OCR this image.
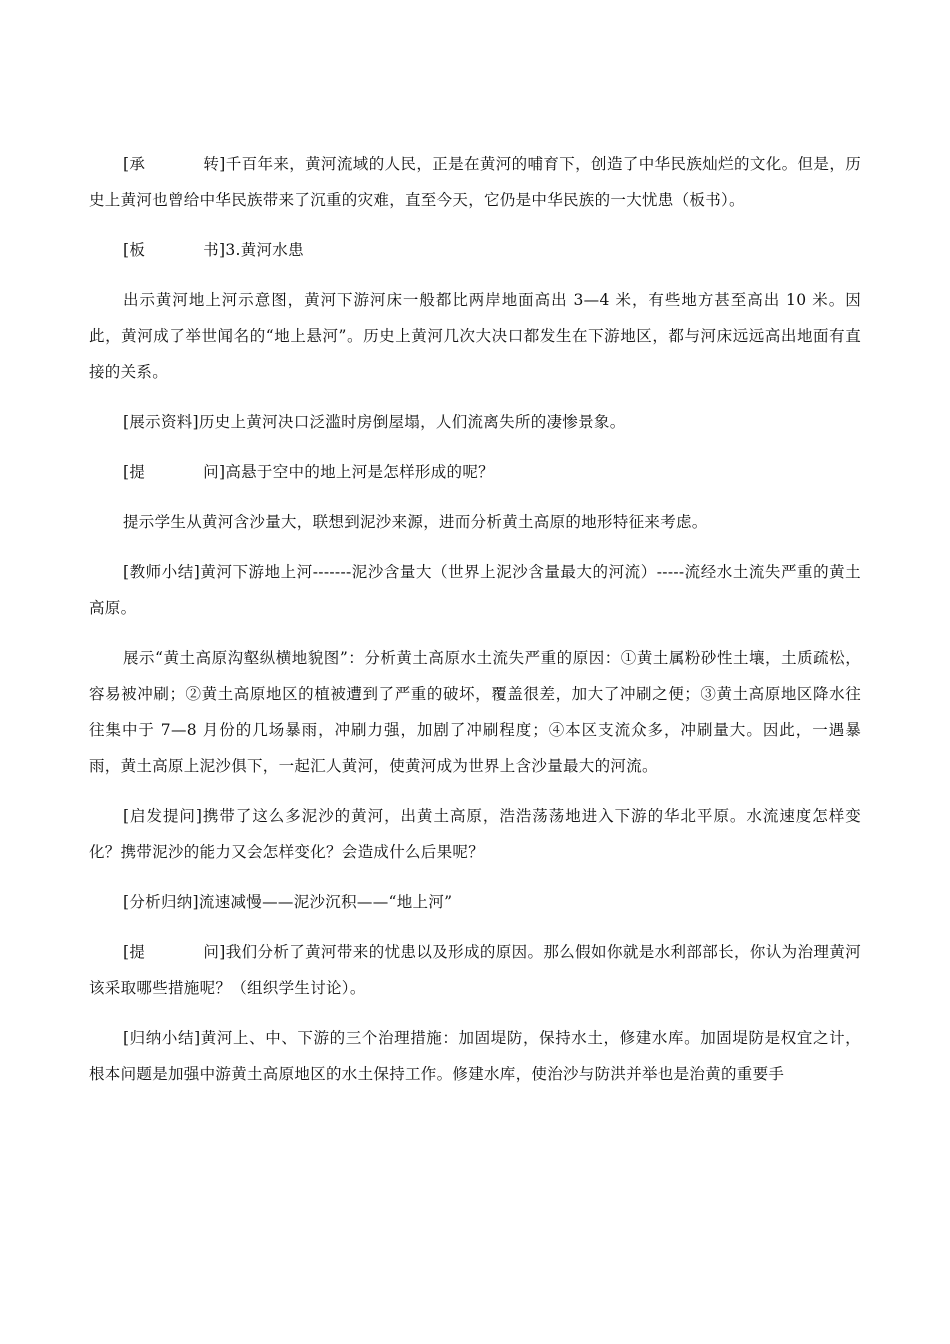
[承	转]千百年来，黄河流域的人民，正是在黄河的哺育下，创造了中华民族灿烂的文化。但是，历史上黄河也曾给中华民族带来了沉重的灾难，直至今天，它仍是中华民族的一大忧患（板书）。

[板	书]3.黄河水患

出示黄河地上河示意图，黄河下游河床一般都比两岸地面高出 3—4 米，有些地方甚至高出 10 米。因此，黄河成了举世闻名的“地上悬河”。历史上黄河几次大决口都发生在下游地区，都与河床远远高出地面有直接的关系。

[展示资料]历史上黄河决口泛滥时房倒屋塌，人们流离失所的凄惨景象。

[提	问]高悬于空中的地上河是怎样形成的呢？

提示学生从黄河含沙量大，联想到泥沙来源，进而分析黄土高原的地形特征来考虑。

[教师小结]黄河下游地上河-------泥沙含量大（世界上泥沙含量最大的河流）-----流经水土流失严重的黄土高原。

展示“黄土高原沟壑纵横地貌图”：分析黄土高原水土流失严重的原因：①黄土属粉砂性土壤，土质疏松，容易被冲刷；②黄土高原地区的植被遭到了严重的破坏，覆盖很差，加大了冲刷之便；③黄土高原地区降水往往集中于 7—8 月份的几场暴雨，冲刷力强，加剧了冲刷程度；④本区支流众多，冲刷量大。因此，一遇暴雨，黄土高原上泥沙俱下，一起汇人黄河，使黄河成为世界上含沙量最大的河流。

[启发提问]携带了这么多泥沙的黄河，出黄土高原，浩浩荡荡地进入下游的华北平原。水流速度怎样变化？携带泥沙的能力又会怎样变化？会造成什么后果呢？

[分析归纳]流速减慢——泥沙沉积——“地上河”

[提	问]我们分析了黄河带来的忧患以及形成的原因。那么假如你就是水利部部长，你认为治理黄河该采取哪些措施呢？（组织学生讨论）。

[归纳小结]黄河上、中、下游的三个治理措施：加固堤防，保持水土，修建水库。加固堤防是权宜之计，根本问题是加强中游黄土高原地区的水土保持工作。修建水库，使治沙与防洪并举也是治黄的重要手
